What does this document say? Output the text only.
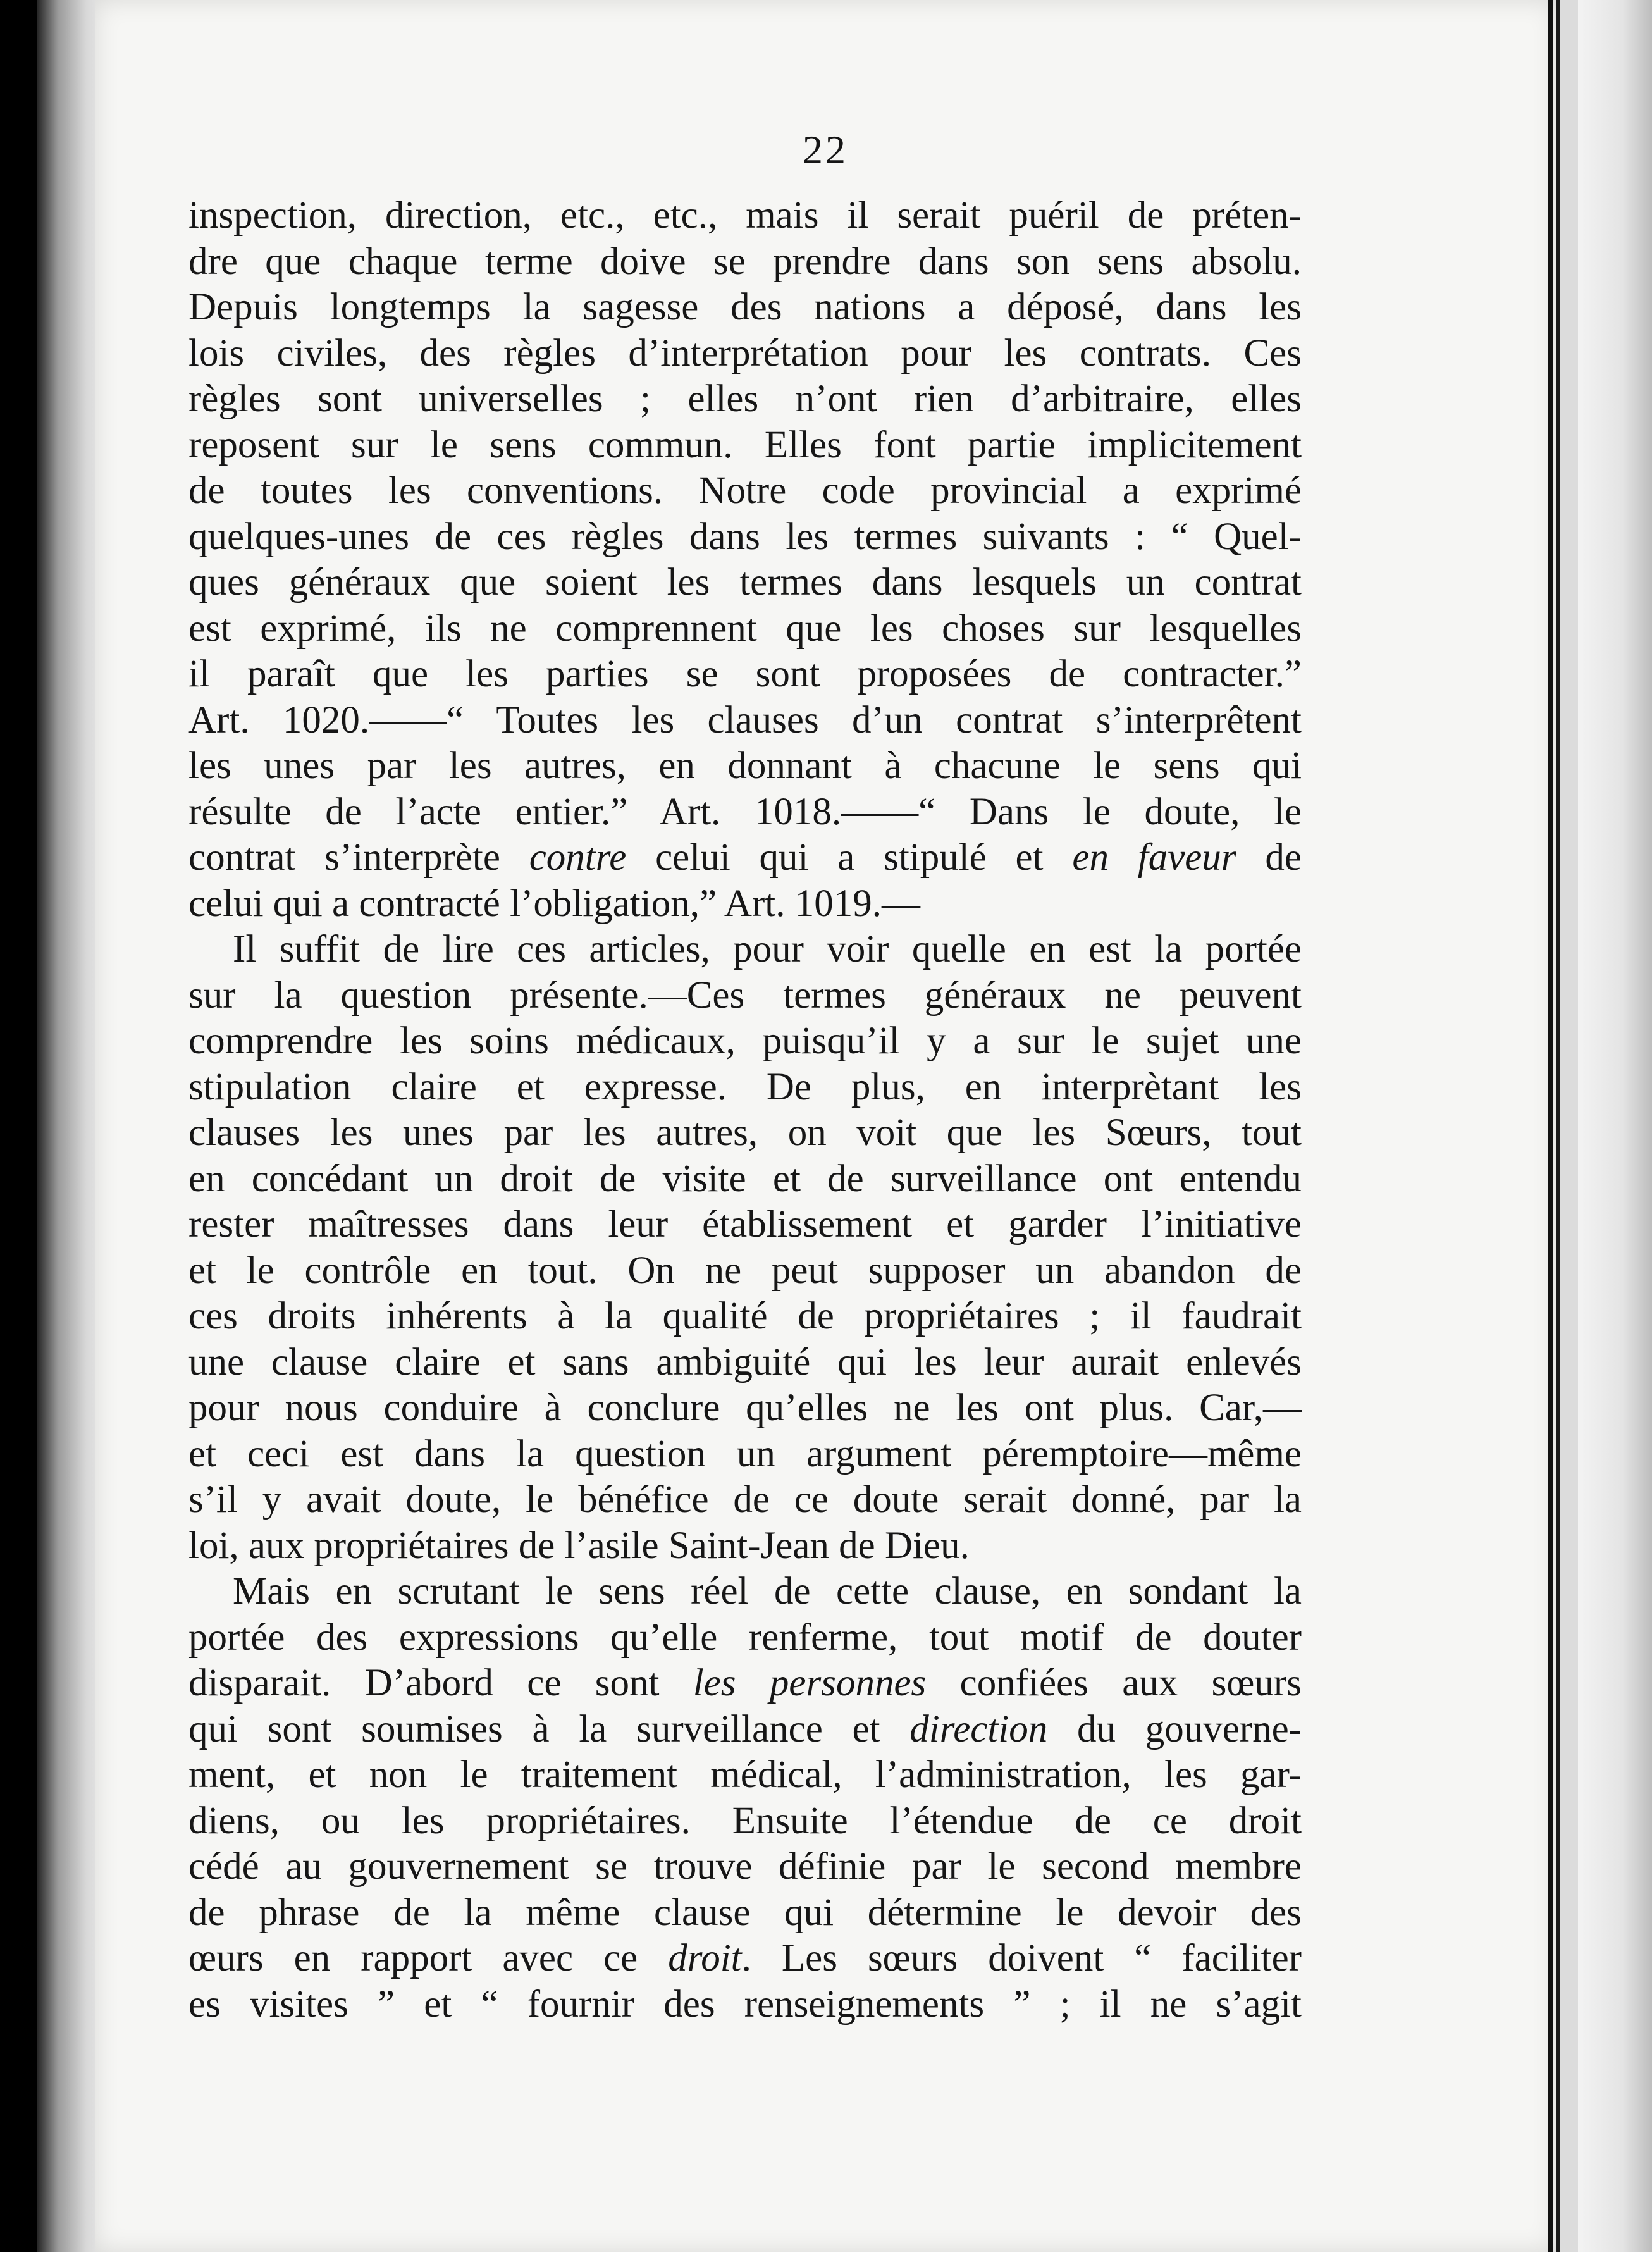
22
inspection, direction, etc., etc., mais il serait puéril de préten-
dre que chaque terme doive se prendre dans son sens absolu.
Depuis longtemps la sagesse des nations a déposé, dans les
lois civiles, des règles d’interprétation pour les contrats. Ces
règles sont universelles ; elles n’ont rien d’arbitraire, elles
reposent sur le sens commun. Elles font partie implicitement
de toutes les conventions. Notre code provincial a exprimé
quelques-unes de ces règles dans les termes suivants : “ Quel-
ques généraux que soient les termes dans lesquels un contrat
est exprimé, ils ne comprennent que les choses sur lesquelles
il paraît que les parties se sont proposées de contracter.”
Art. 1020.——“ Toutes les clauses d’un contrat s’interprêtent
les unes par les autres, en donnant à chacune le sens qui
résulte de l’acte entier.” Art. 1018.——“ Dans le doute, le
contrat s’interprète contre celui qui a stipulé et en faveur de
celui qui a contracté l’obligation,” Art. 1019.—
Il suffit de lire ces articles, pour voir quelle en est la portée
sur la question présente.—Ces termes généraux ne peuvent
comprendre les soins médicaux, puisqu’il y a sur le sujet une
stipulation claire et expresse. De plus, en interprètant les
clauses les unes par les autres, on voit que les Sœurs, tout
en concédant un droit de visite et de surveillance ont entendu
rester maîtresses dans leur établissement et garder l’initiative
et le contrôle en tout. On ne peut supposer un abandon de
ces droits inhérents à la qualité de propriétaires ; il faudrait
une clause claire et sans ambiguité qui les leur aurait enlevés
pour nous conduire à conclure qu’elles ne les ont plus. Car,—
et ceci est dans la question un argument péremptoire—même
s’il y avait doute, le bénéfice de ce doute serait donné, par la
loi, aux propriétaires de l’asile Saint-Jean de Dieu.
Mais en scrutant le sens réel de cette clause, en sondant la
portée des expressions qu’elle renferme, tout motif de douter
disparait. D’abord ce sont les personnes confiées aux sœurs
qui sont soumises à la surveillance et direction du gouverne-
ment, et non le traitement médical, l’administration, les gar-
diens, ou les propriétaires. Ensuite l’étendue de ce droit
cédé au gouvernement se trouve définie par le second membre
de phrase de la même clause qui détermine le devoir des
œurs en rapport avec ce droit. Les sœurs doivent “ faciliter
es visites ” et “ fournir des renseignements ” ; il ne s’agit
